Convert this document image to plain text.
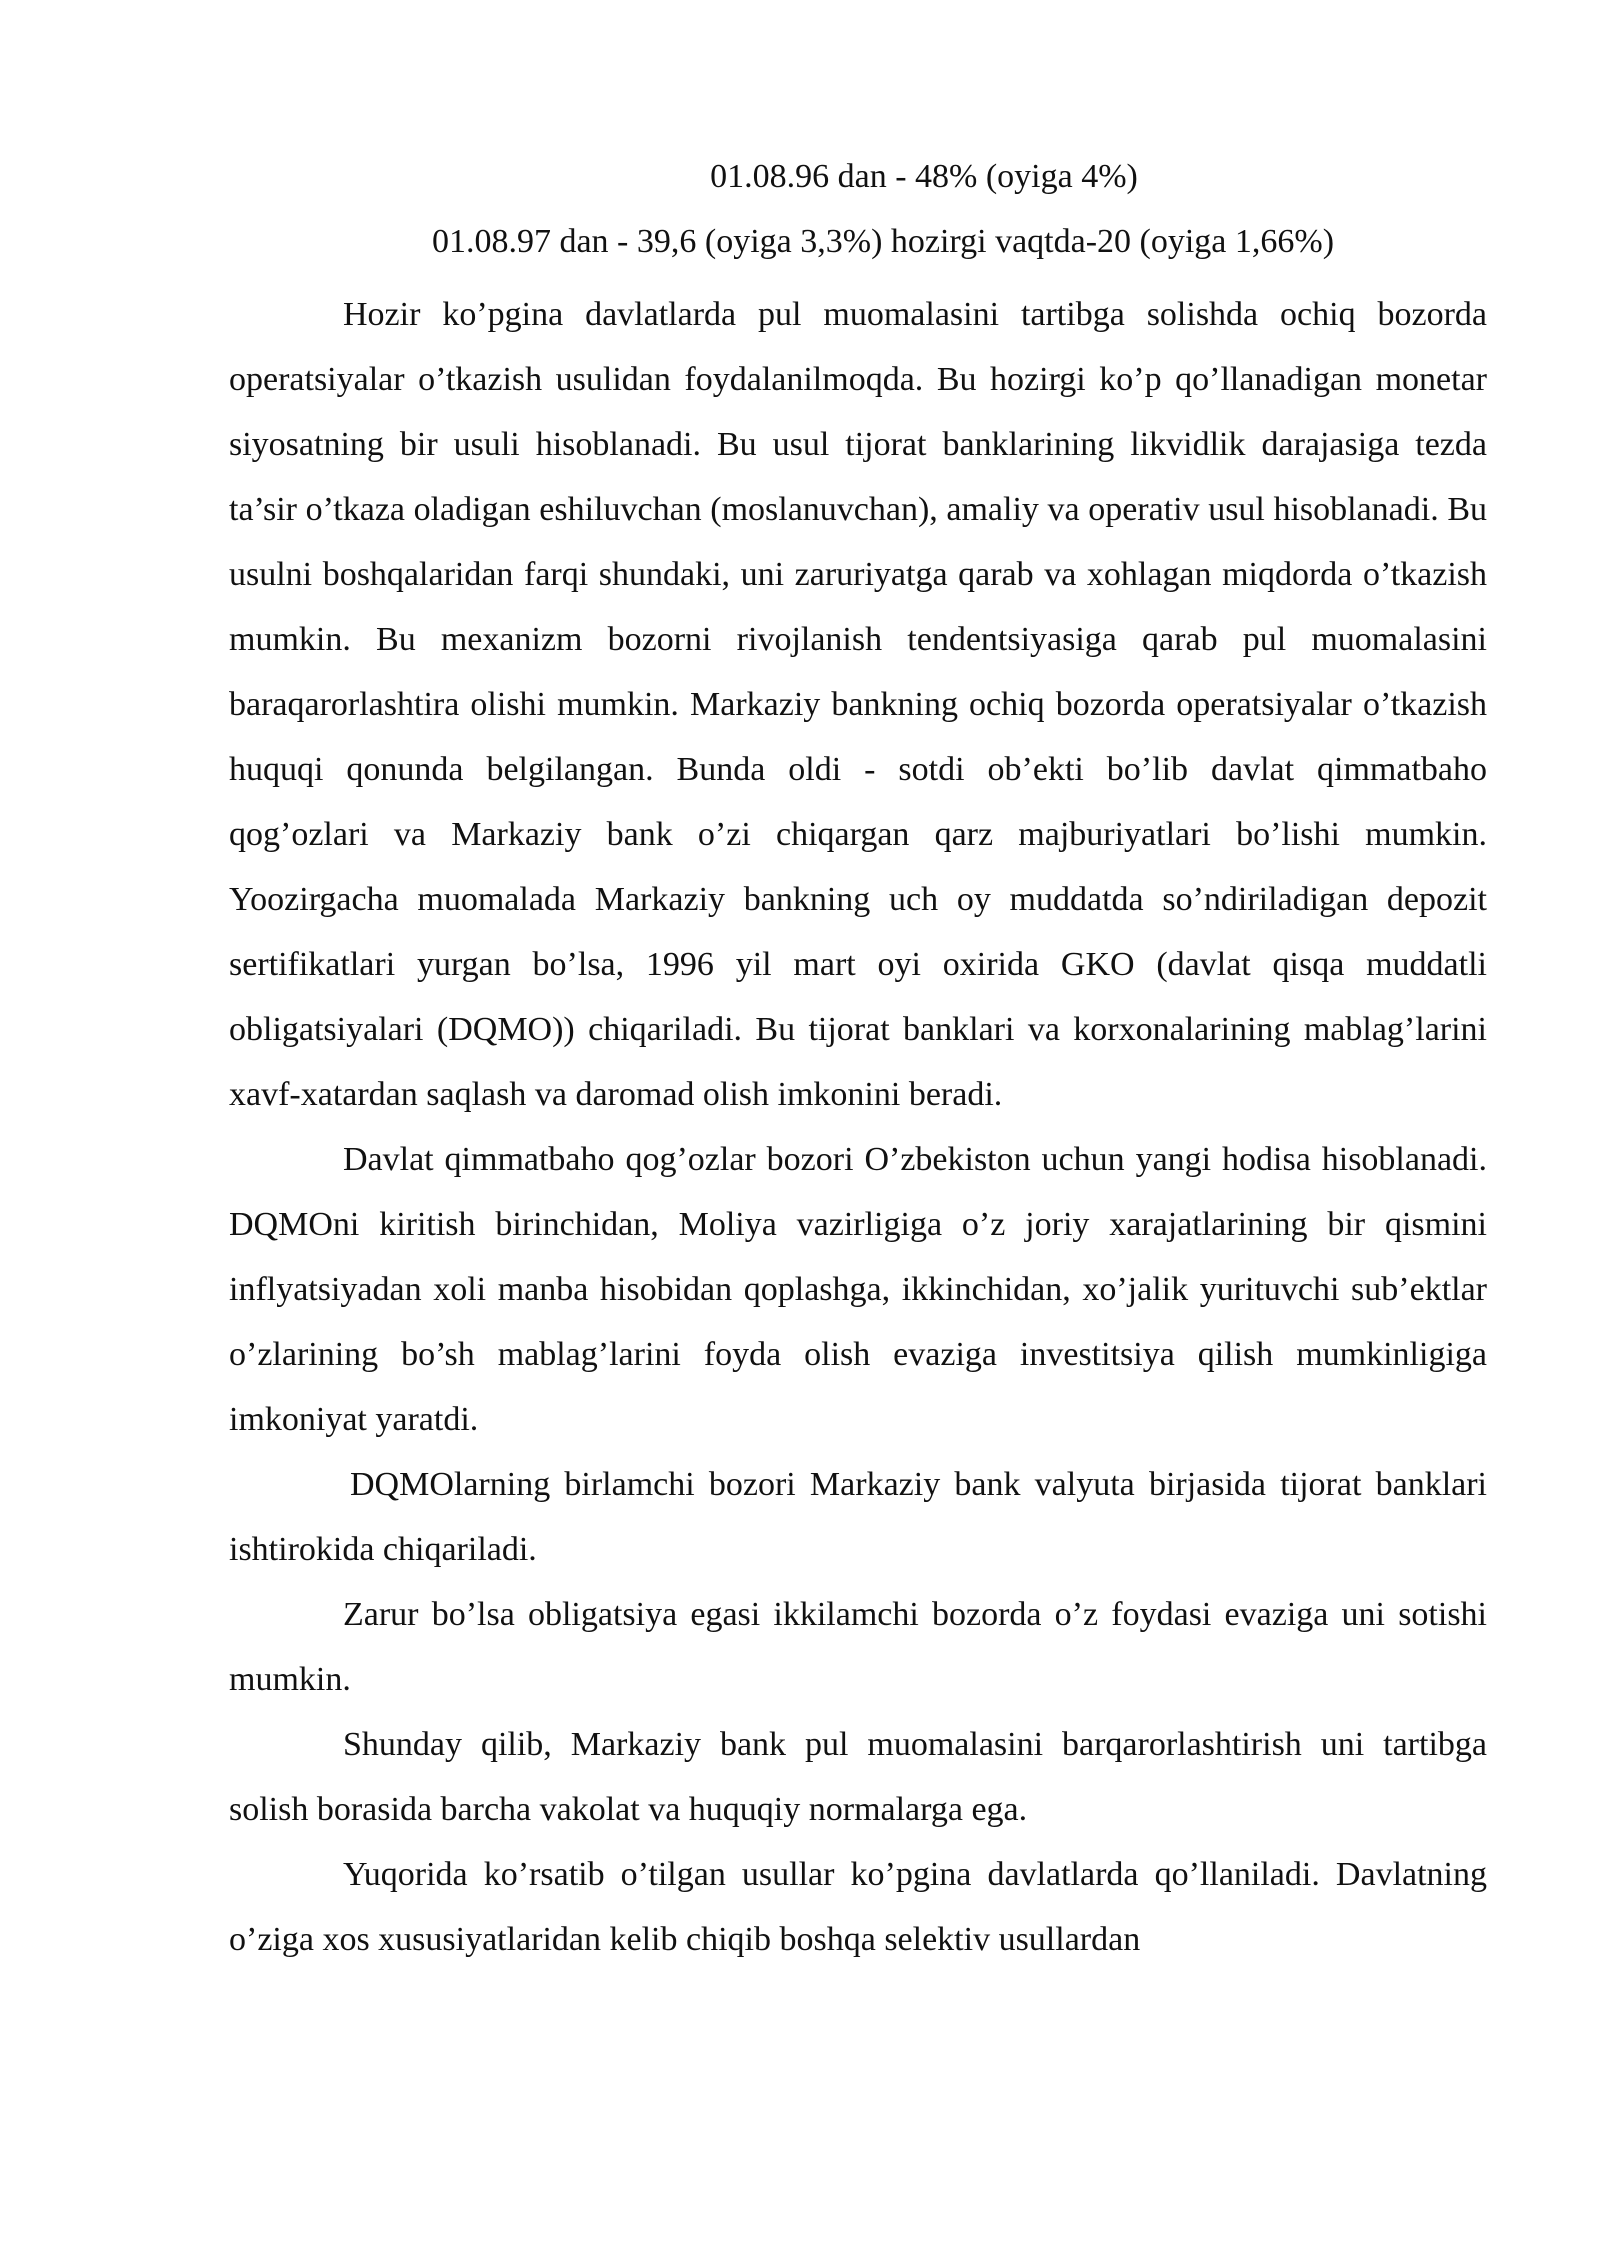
01.08.96 dan - 48% (oyiga 4%)

01.08.97 dan - 39,6 (oyiga 3,3%) hozirgi vaqtda-20 (oyiga 1,66%)

Hozir ko’pgina davlatlarda pul muomalasini tartibga solishda ochiq bozorda operatsiyalar o’tkazish usulidan foydalanilmoqda. Bu hozirgi ko’p qo’llanadigan monetar siyosatning bir usuli hisoblanadi. Bu usul tijorat banklarining likvidlik darajasiga tezda ta’sir o’tkaza oladigan eshiluvchan (moslanuvchan), amaliy va operativ usul hisoblanadi. Bu usulni boshqalaridan farqi shundaki, uni zaruriyatga qarab va xohlagan miqdorda o’tkazish mumkin. Bu mexanizm bozorni rivojlanish tendentsiyasiga qarab pul muomalasini baraqarorlashtira olishi mumkin. Markaziy bankning ochiq bozorda operatsiyalar o’tkazish huquqi qonunda belgilangan. Bunda oldi - sotdi ob’ekti bo’lib davlat qimmatbaho qog’ozlari va Markaziy bank o’zi chiqargan qarz majburiyatlari bo’lishi mumkin. Yoozirgacha muomalada Markaziy bankning uch oy muddatda so’ndiriladigan depozit sertifikatlari yurgan bo’lsa, 1996 yil mart oyi oxirida GKO (davlat qisqa muddatli obligatsiyalari (DQMO)) chiqariladi. Bu tijorat banklari va korxonalarining mablag’larini xavf-xatardan saqlash va daromad olish imkonini beradi.

Davlat qimmatbaho qog’ozlar bozori O’zbekiston uchun yangi hodisa hisoblanadi. DQMOni kiritish birinchidan, Moliya vazirligiga o’z joriy xarajatlarining bir qismini inflyatsiyadan xoli manba hisobidan qoplashga, ikkinchidan, xo’jalik yurituvchi sub’ektlar o’zlarining bo’sh mablag’larini foyda olish evaziga investitsiya qilish mumkinligiga imkoniyat yaratdi.

DQMOlarning birlamchi bozori Markaziy bank valyuta birjasida tijorat banklari ishtirokida chiqariladi.

Zarur bo’lsa obligatsiya egasi ikkilamchi bozorda o’z foydasi evaziga uni sotishi mumkin.

Shunday qilib, Markaziy bank pul muomalasini barqarorlashtirish uni tartibga solish borasida barcha vakolat va huquqiy normalarga ega.

Yuqorida ko’rsatib o’tilgan usullar ko’pgina davlatlarda qo’llaniladi. Davlatning o’ziga xos xususiyatlaridan kelib chiqib boshqa selektiv usullardan
